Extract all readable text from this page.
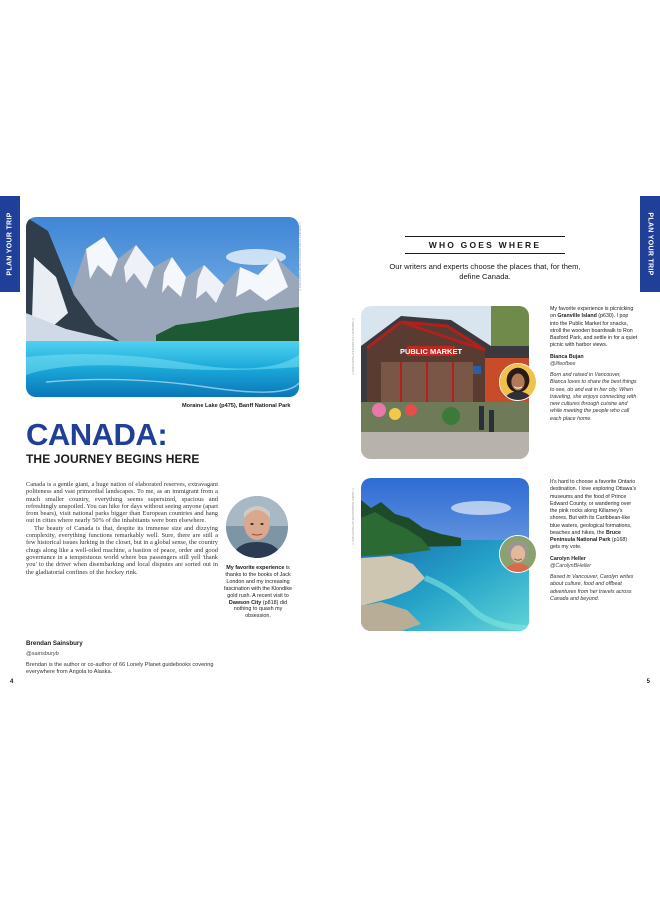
PLAN YOUR TRIP	PLAN YOUR TRIP
© SUBJECT PHOTOGRAPHY/SHUTTERSTOCK ©
Moraine Lake (p475), Banff National Park
CANADA:
THE JOURNEY BEGINS HERE

Canada is a gentle giant, a huge nation of elaborated reserves, extravagant politeness and vast primordial landscapes. To me, as an immigrant from a much smaller country, everything seems supersized, spacious and refreshingly unspoiled. You can hike for days without seeing anyone (apart from bears), visit national parks bigger than European countries and hang out in cities where nearly 50% of the inhabitants were born elsewhere.

The beauty of Canada is that, despite its immense size and dizzying complexity, everything functions remarkably well. Sure, there are still a few historical issues lurking in the closet, but in a global sense, the country chugs along like a well-oiled machine, a bastion of peace, order and good governance in a tempestuous world where bus passengers still yell 'thank you' to the driver when disembarking and local disputes are sorted out in the gladiatorial confines of the hockey rink.

Brendan Sainsbury
@sainsburyb
Brendan is the author or co-author of 66 Lonely Planet guidebooks covering everywhere from Angola to Alaska.
My favorite experience is thanks to the books of Jack London and my increasing fascination with the Klondike gold rush. A recent visit to Dawson City (p818) did nothing to quash my obsession.
4
WHO GOES WHERE
Our writers and experts choose the places that, for them, define Canada.
© ANDREW TAYLOR/SHUTTERSTOCK ©	PUBLIC MARKET
My favorite experience is picnicking on Granville Island (p630). I pop into the Public Market for snacks, stroll the wooden boardwalk to Ron Basford Park, and settle in for a quiet picnic with harbor views.
Bianca Bujan
@lifeofbee
Born and raised in Vancouver, Bianca loves to share the best things to see, do and eat in her city. When traveling, she enjoys connecting with new cultures through cuisine and while meeting the people who call each place home.
© JAMES WHEELER/SHUTTERSTOCK ©
It's hard to choose a favorite Ontario destination. I love exploring Ottawa's museums and the food of Prince Edward County, or wandering over the pink rocks along Killarney's shores. But with its Caribbean-like blue waters, geological formations, beaches and hikes, the Bruce Peninsula National Park (p168) gets my vote.
Carolyn Heller
@CarolynBHeller
Based in Vancouver, Carolyn writes about culture, food and offbeat adventures from her travels across Canada and beyond.
5
